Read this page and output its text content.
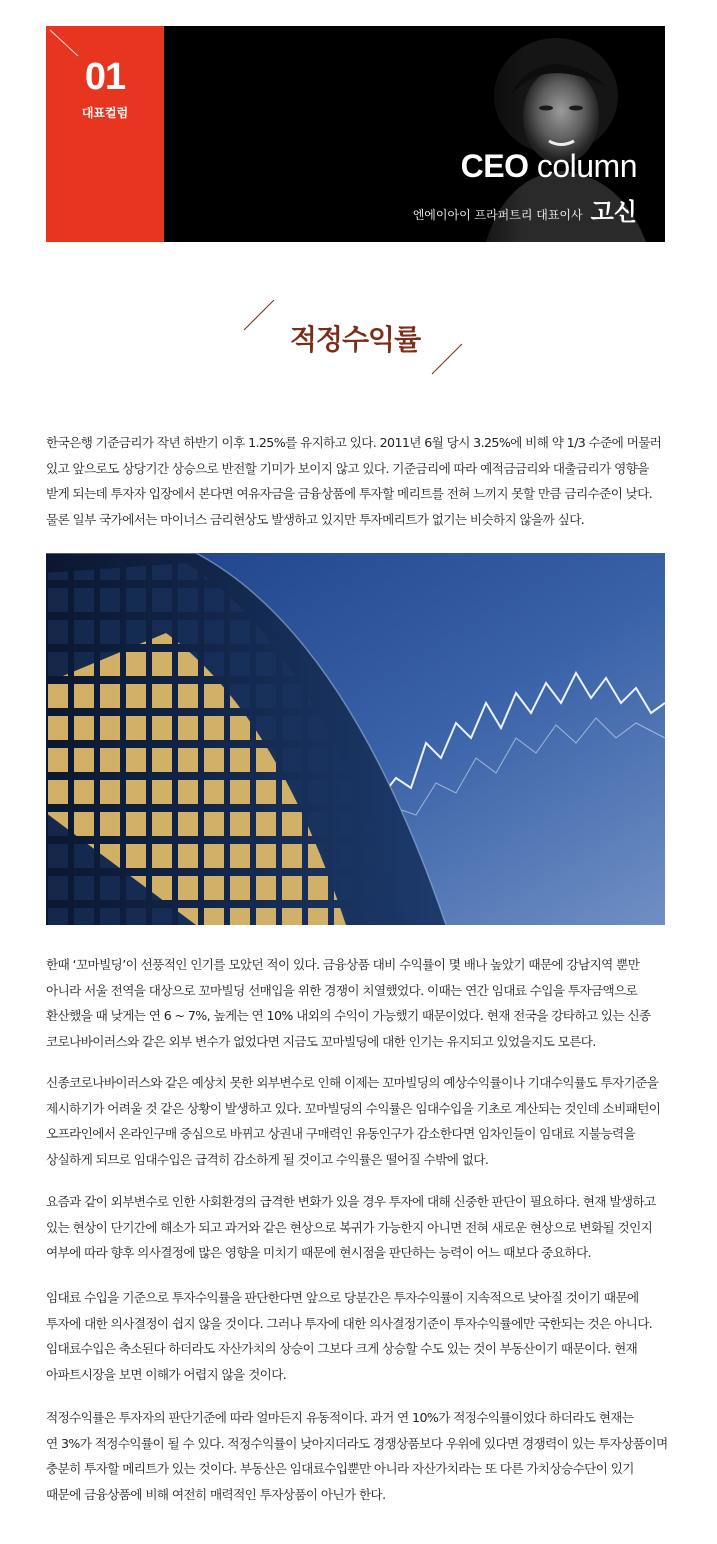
01
대표컬럼
CEO column
엔에이아이 프라퍼트리 대표이사 고신
적정수익률

한국은행 기준금리가 작년 하반기 이후 1.25%를 유지하고 있다. 2011년 6월 당시 3.25%에 비해 약 1/3 수준에 머물러
있고 앞으로도 상당기간 상승으로 반전할 기미가 보이지 않고 있다. 기준금리에 따라 예적금금리와 대출금리가 영향을
받게 되는데 투자자 입장에서 본다면 여유자금을 금융상품에 투자할 메리트를 전혀 느끼지 못할 만큼 금리수준이 낮다.
물론 일부 국가에서는 마이너스 금리현상도 발생하고 있지만 투자메리트가 없기는 비슷하지 않을까 싶다.

한때 ‘꼬마빌딩’이 선풍적인 인기를 모았던 적이 있다. 금융상품 대비 수익률이 몇 배나 높았기 때문에 강남지역 뿐만
아니라 서울 전역을 대상으로 꼬마빌딩 선매입을 위한 경쟁이 치열했었다. 이때는 연간 임대료 수입을 투자금액으로
환산했을 때 낮게는 연 6 ~ 7%, 높게는 연 10% 내외의 수익이 가능했기 때문이었다. 현재 전국을 강타하고 있는 신종
코로나바이러스와 같은 외부 변수가 없었다면 지금도 꼬마빌딩에 대한 인기는 유지되고 있었을지도 모른다.

신종코로나바이러스와 같은 예상치 못한 외부변수로 인해 이제는 꼬마빌딩의 예상수익률이나 기대수익률도 투자기준을
제시하기가 어려울 것 같은 상황이 발생하고 있다. 꼬마빌딩의 수익률은 임대수입을 기초로 계산되는 것인데 소비패턴이
오프라인에서 온라인구매 중심으로 바뀌고 상권내 구매력인 유동인구가 감소한다면 임차인들이 임대료 지불능력을
상실하게 되므로 임대수입은 급격히 감소하게 될 것이고 수익률은 떨어질 수밖에 없다.

요즘과 같이 외부변수로 인한 사회환경의 급격한 변화가 있을 경우 투자에 대해 신중한 판단이 필요하다. 현재 발생하고
있는 현상이 단기간에 해소가 되고 과거와 같은 현상으로 복귀가 가능한지 아니면 전혀 새로운 현상으로 변화될 것인지
여부에 따라 향후 의사결정에 많은 영향을 미치기 때문에 현시점을 판단하는 능력이 어느 때보다 중요하다.

임대료 수입을 기준으로 투자수익률을 판단한다면 앞으로 당분간은 투자수익률이 지속적으로 낮아질 것이기 때문에
투자에 대한 의사결정이 쉽지 않을 것이다. 그러나 투자에 대한 의사결정기준이 투자수익률에만 국한되는 것은 아니다.
임대료수입은 축소된다 하더라도 자산가치의 상승이 그보다 크게 상승할 수도 있는 것이 부동산이기 때문이다. 현재
아파트시장을 보면 이해가 어렵지 않을 것이다.

적정수익률은 투자자의 판단기준에 따라 얼마든지 유동적이다. 과거 연 10%가 적정수익률이었다 하더라도 현재는
연 3%가 적정수익률이 될 수 있다. 적정수익률이 낮아지더라도 경쟁상품보다 우위에 있다면 경쟁력이 있는 투자상품이며
충분히 투자할 메리트가 있는 것이다. 부동산은 임대료수입뿐만 아니라 자산가치라는 또 다른 가치상승수단이 있기
때문에 금융상품에 비해 여전히 매력적인 투자상품이 아닌가 한다.
